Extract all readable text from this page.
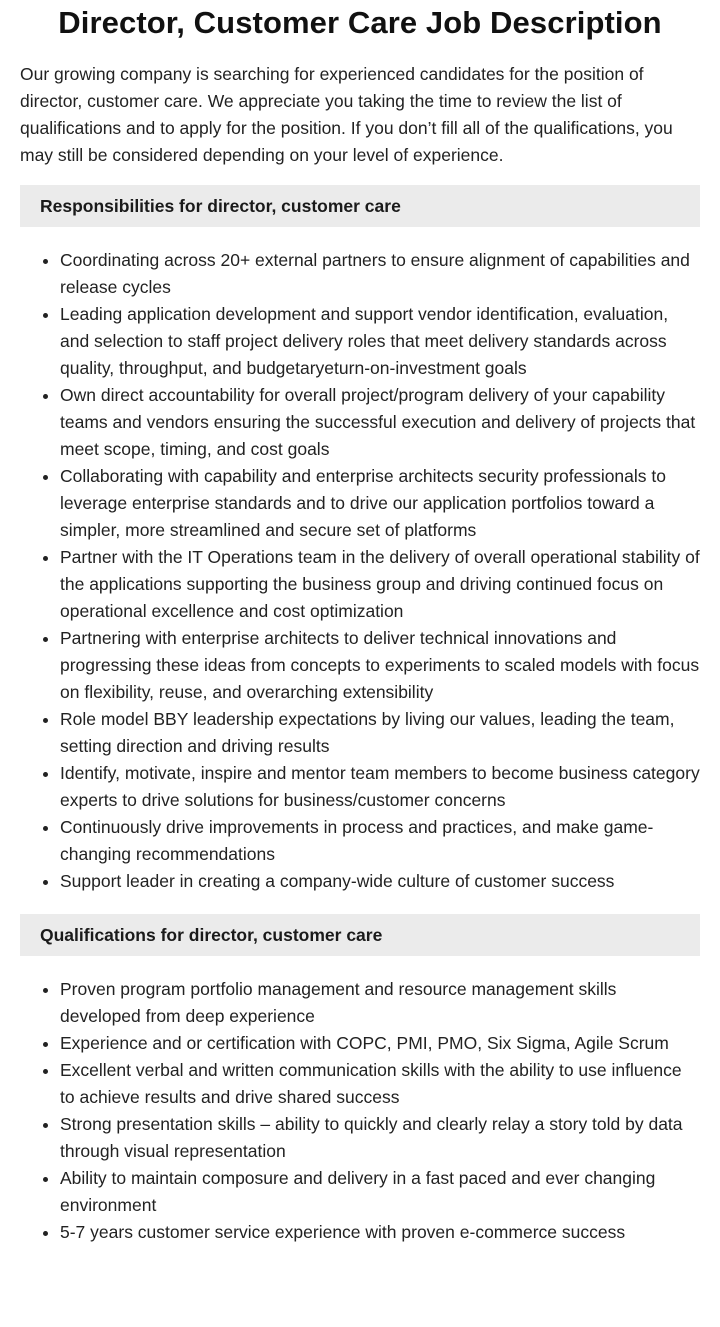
Director, Customer Care Job Description

Our growing company is searching for experienced candidates for the position of director, customer care. We appreciate you taking the time to review the list of qualifications and to apply for the position. If you don’t fill all of the qualifications, you may still be considered depending on your level of experience.

Responsibilities for director, customer care
• Coordinating across 20+ external partners to ensure alignment of capabilities and release cycles
• Leading application development and support vendor identification, evaluation, and selection to staff project delivery roles that meet delivery standards across quality, throughput, and budgetaryeturn-on-investment goals
• Own direct accountability for overall project/program delivery of your capability teams and vendors ensuring the successful execution and delivery of projects that meet scope, timing, and cost goals
• Collaborating with capability and enterprise architects security professionals to leverage enterprise standards and to drive our application portfolios toward a simpler, more streamlined and secure set of platforms
• Partner with the IT Operations team in the delivery of overall operational stability of the applications supporting the business group and driving continued focus on operational excellence and cost optimization
• Partnering with enterprise architects to deliver technical innovations and progressing these ideas from concepts to experiments to scaled models with focus on flexibility, reuse, and overarching extensibility
• Role model BBY leadership expectations by living our values, leading the team, setting direction and driving results
• Identify, motivate, inspire and mentor team members to become business category experts to drive solutions for business/customer concerns
• Continuously drive improvements in process and practices, and make game-changing recommendations
• Support leader in creating a company-wide culture of customer success
Qualifications for director, customer care
• Proven program portfolio management and resource management skills developed from deep experience
• Experience and or certification with COPC, PMI, PMO, Six Sigma, Agile Scrum
• Excellent verbal and written communication skills with the ability to use influence to achieve results and drive shared success
• Strong presentation skills – ability to quickly and clearly relay a story told by data through visual representation
• Ability to maintain composure and delivery in a fast paced and ever changing environment
• 5-7 years customer service experience with proven e-commerce success
